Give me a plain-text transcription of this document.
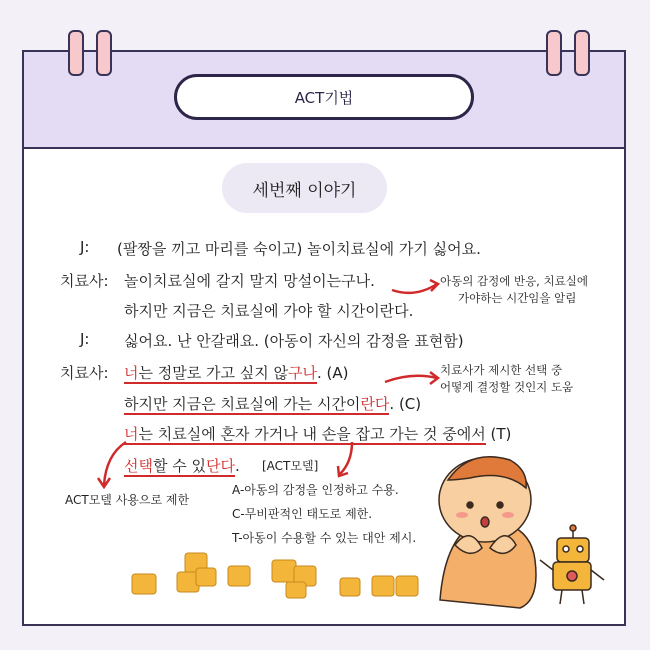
ACT기법
세번째 이야기
J: (팔짱을 끼고 마리를 숙이고) 놀이치료실에 가기 싫어요.
치료사: 놀이치료실에 갈지 말지 망설이는구나.
하지만 지금은 치료실에 가야 할 시간이란다.
J: 싫어요. 난 안갈래요. (아동이 자신의 감정을 표현함)
치료사: 너는 정말로 가고 싶지 않구나. (A)
하지만 지금은 치료실에 가는 시간이란다. (C)
너는 치료실에 혼자 가거나 내 손을 잡고 가는 것 중에서 (T)
선택할 수 있단다.
아동의 감정에 반응, 치료실에
가야하는 시간임을 알림
치료사가 제시한 선택 중
어떻게 결정할 것인지 도움
[ACT모델]
ACT모델 사용으로 제한
A-아동의 감정을 인정하고 수용.
C-무비판적인 태도로 제한.
T-아동이 수용할 수 있는 대안 제시.
